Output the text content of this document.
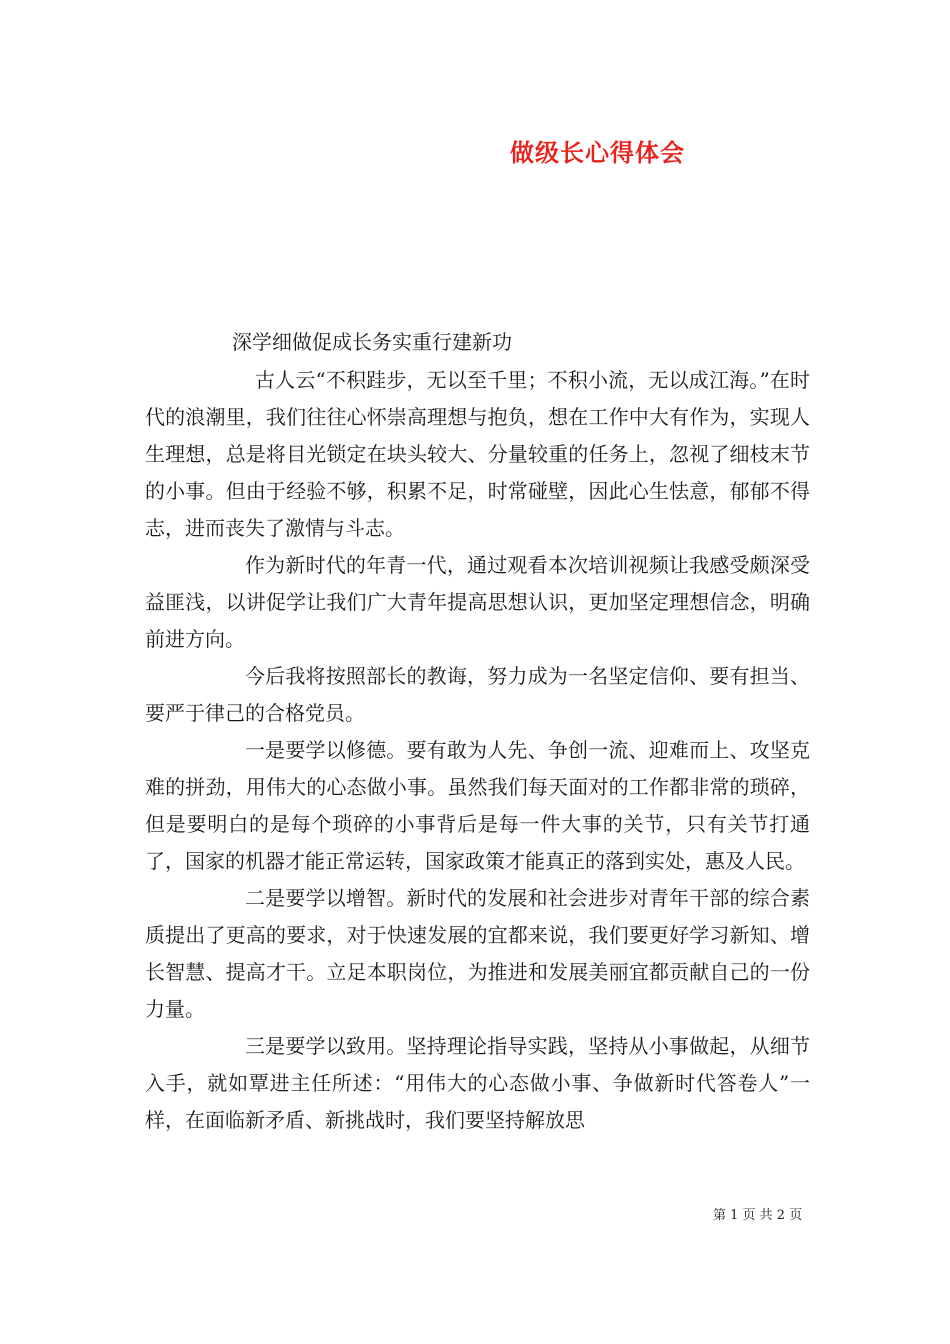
做级长心得体会
深学细做促成长务实重行建新功

古人云“不积跬步，无以至千里；不积小流，无以成江海。”在时代的浪潮里，我们往往心怀崇高理想与抱负，想在工作中大有作为，实现人生理想，总是将目光锁定在块头较大、分量较重的任务上，忽视了细枝末节的小事。但由于经验不够，积累不足，时常碰壁，因此心生怯意，郁郁不得志，进而丧失了激情与斗志。

作为新时代的年青一代，通过观看本次培训视频让我感受颇深受益匪浅，以讲促学让我们广大青年提高思想认识，更加坚定理想信念，明确前进方向。

今后我将按照部长的教诲，努力成为一名坚定信仰、要有担当、要严于律己的合格党员。

一是要学以修德。要有敢为人先、争创一流、迎难而上、攻坚克难的拼劲，用伟大的心态做小事。虽然我们每天面对的工作都非常的琐碎，但是要明白的是每个琐碎的小事背后是每一件大事的关节，只有关节打通了，国家的机器才能正常运转，国家政策才能真正的落到实处，惠及人民。

二是要学以增智。新时代的发展和社会进步对青年干部的综合素质提出了更高的要求，对于快速发展的宜都来说，我们要更好学习新知、增长智慧、提高才干。立足本职岗位，为推进和发展美丽宜都贡献自己的一份力量。

三是要学以致用。坚持理论指导实践，坚持从小事做起，从细节入手，就如覃进主任所述：“用伟大的心态做小事、争做新时代答卷人”一样，在面临新矛盾、新挑战时，我们要坚持解放思

第 1 页 共 2 页
